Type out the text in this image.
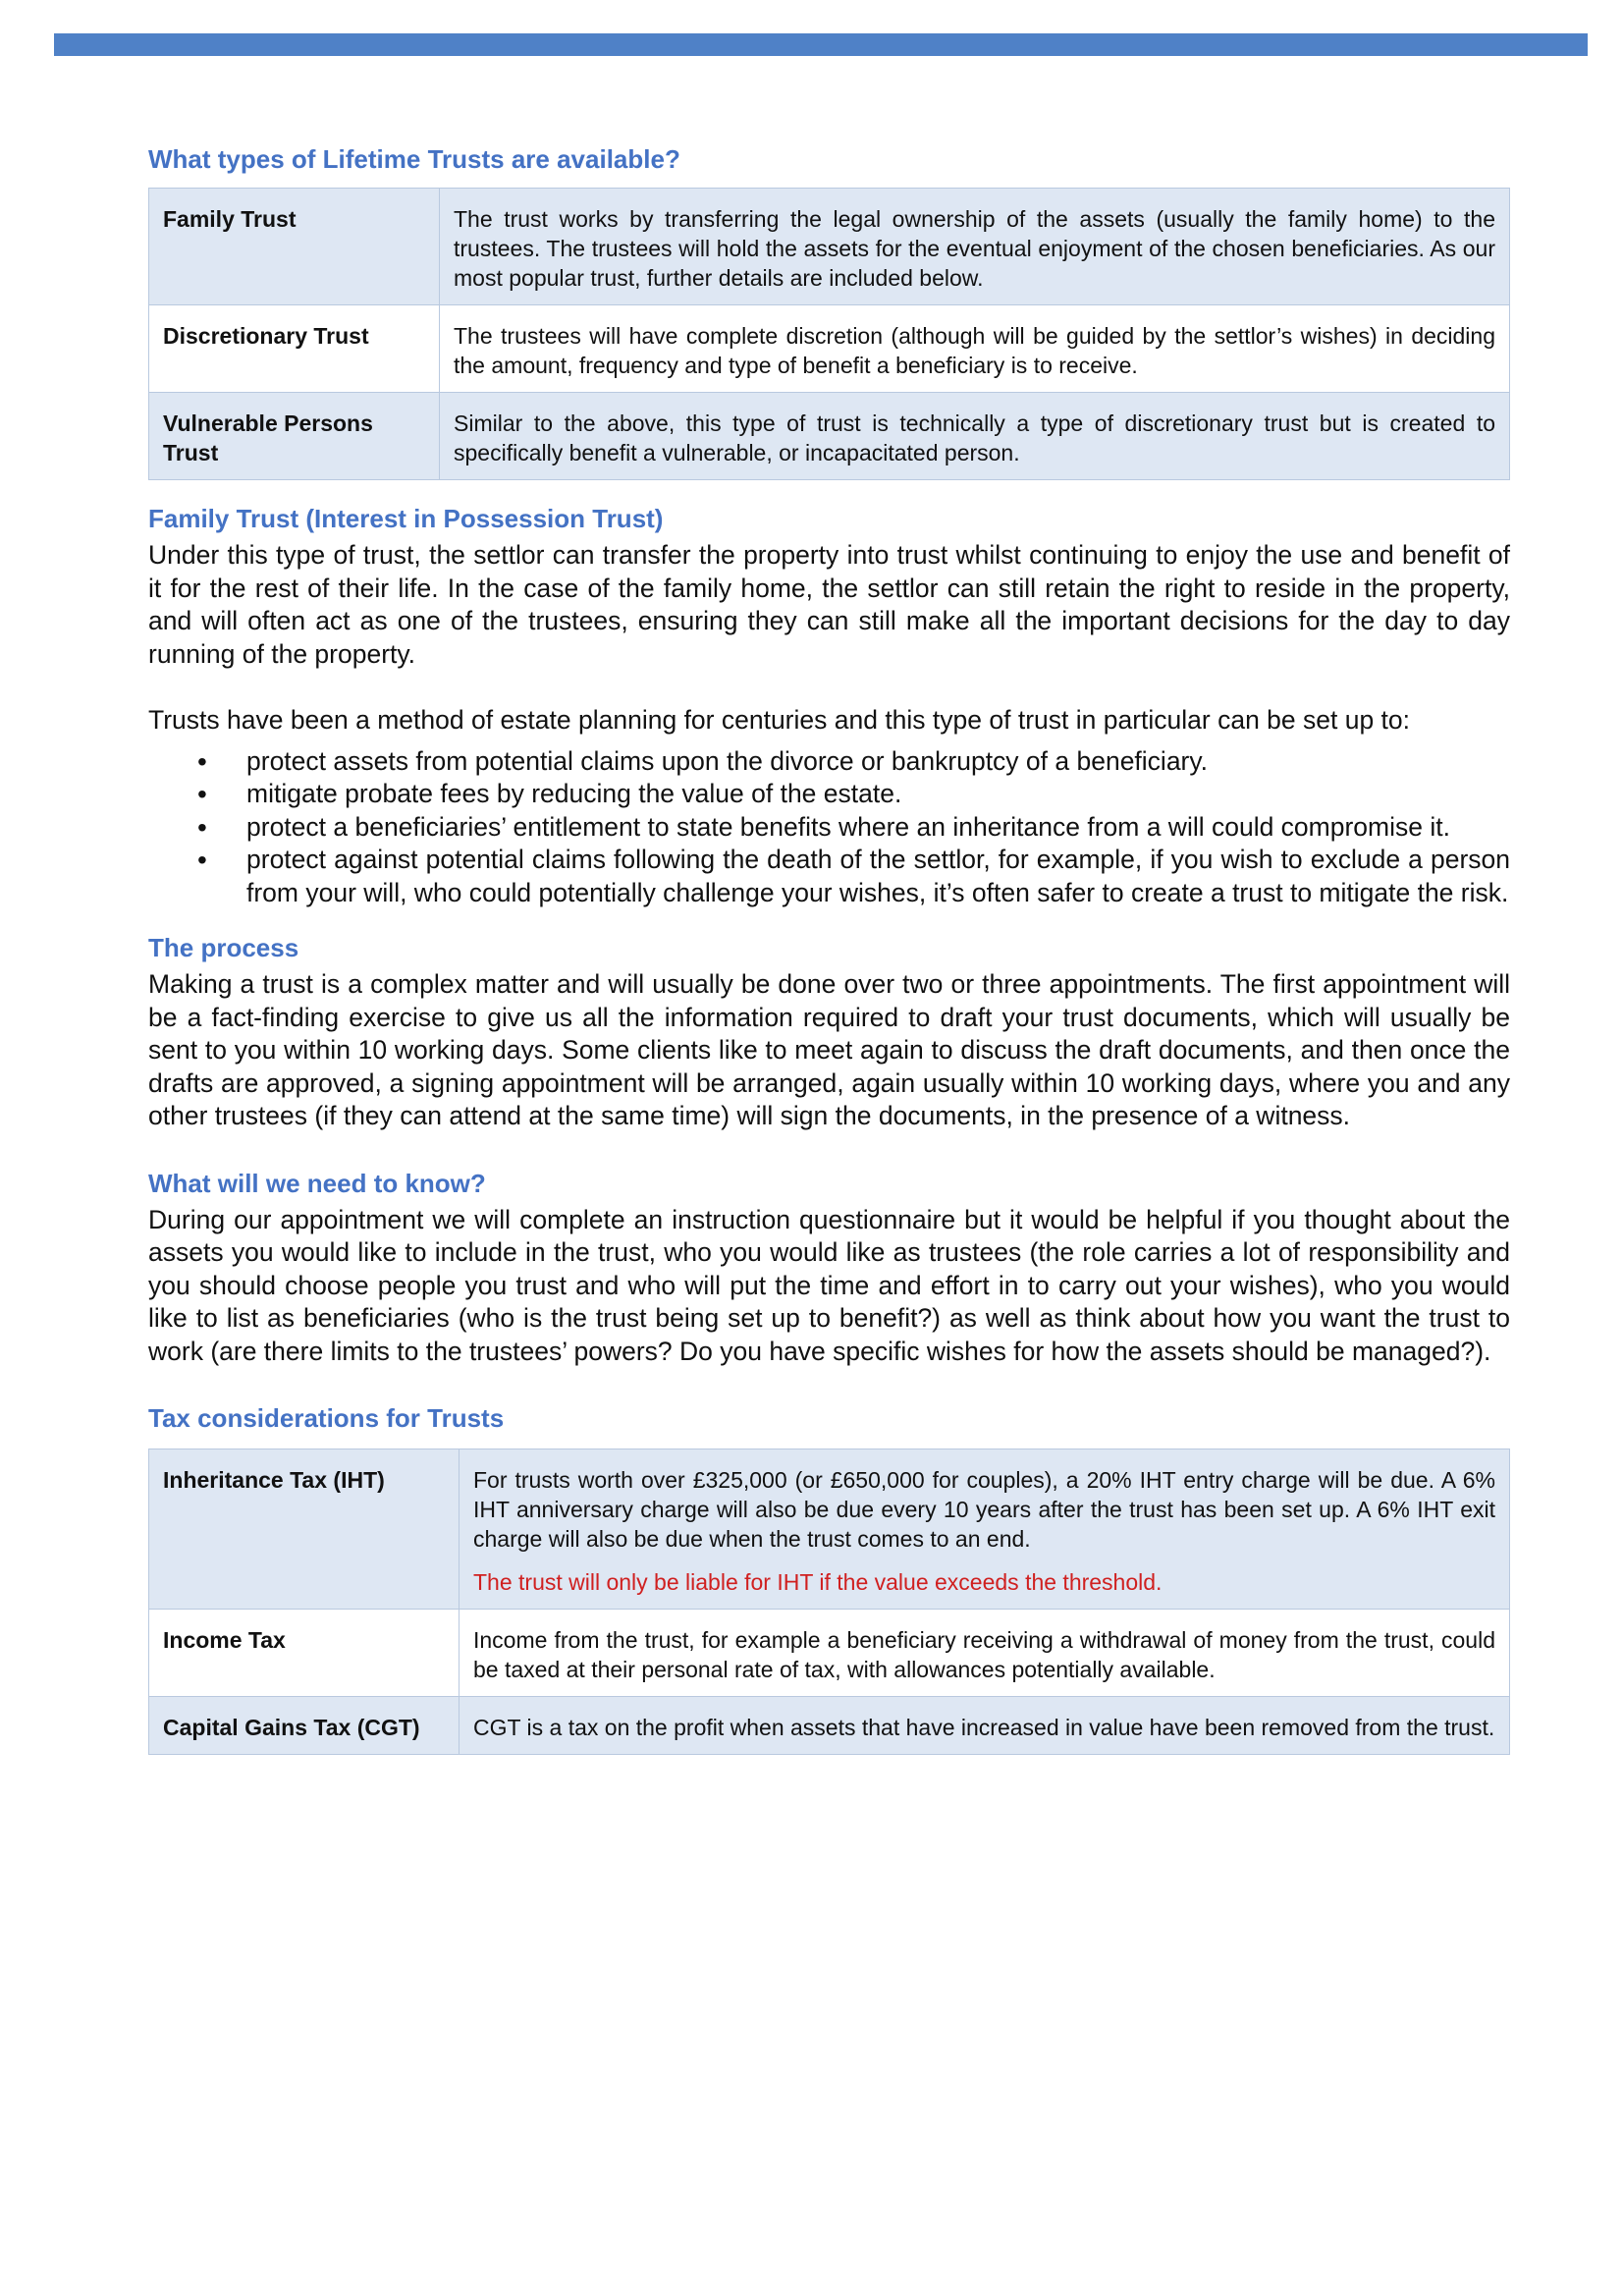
What types of Lifetime Trusts are available?
Family Trust	The trust works by transferring the legal ownership of the assets (usually the family home) to the trustees. The trustees will hold the assets for the eventual enjoyment of the chosen beneficiaries. As our most popular trust, further details are included below.
Discretionary Trust	The trustees will have complete discretion (although will be guided by the settlor’s wishes) in deciding the amount, frequency and type of benefit a beneficiary is to receive.
Vulnerable Persons Trust	Similar to the above, this type of trust is technically a type of discretionary trust but is created to specifically benefit a vulnerable, or incapacitated person.
Family Trust (Interest in Possession Trust)

Under this type of trust, the settlor can transfer the property into trust whilst continuing to enjoy the use and benefit of it for the rest of their life. In the case of the family home, the settlor can still retain the right to reside in the property, and will often act as one of the trustees, ensuring they can still make all the important decisions for the day to day running of the property.

Trusts have been a method of estate planning for centuries and this type of trust in particular can be set up to:

• protect assets from potential claims upon the divorce or bankruptcy of a beneficiary.
• mitigate probate fees by reducing the value of the estate.
• protect a beneficiaries’ entitlement to state benefits where an inheritance from a will could compromise it.
• protect against potential claims following the death of the settlor, for example, if you wish to exclude a person from your will, who could potentially challenge your wishes, it’s often safer to create a trust to mitigate the risk.
The process

Making a trust is a complex matter and will usually be done over two or three appointments. The first appointment will be a fact-finding exercise to give us all the information required to draft your trust documents, which will usually be sent to you within 10 working days. Some clients like to meet again to discuss the draft documents, and then once the drafts are approved, a signing appointment will be arranged, again usually within 10 working days, where you and any other trustees (if they can attend at the same time) will sign the documents, in the presence of a witness.

What will we need to know?

During our appointment we will complete an instruction questionnaire but it would be helpful if you thought about the assets you would like to include in the trust, who you would like as trustees (the role carries a lot of responsibility and you should choose people you trust and who will put the time and effort in to carry out your wishes), who you would like to list as beneficiaries (who is the trust being set up to benefit?) as well as think about how you want the trust to work (are there limits to the trustees’ powers? Do you have specific wishes for how the assets should be managed?).

Tax considerations for Trusts
Inheritance Tax (IHT)	For trusts worth over £325,000 (or £650,000 for couples), a 20% IHT entry charge will be due. A 6% IHT anniversary charge will also be due every 10 years after the trust has been set up. A 6% IHT exit charge will also be due when the trust comes to an end.
The trust will only be liable for IHT if the value exceeds the threshold.

Income Tax	Income from the trust, for example a beneficiary receiving a withdrawal of money from the trust, could be taxed at their personal rate of tax, with allowances potentially available.
Capital Gains Tax (CGT)	CGT is a tax on the profit when assets that have increased in value have been removed from the trust.
